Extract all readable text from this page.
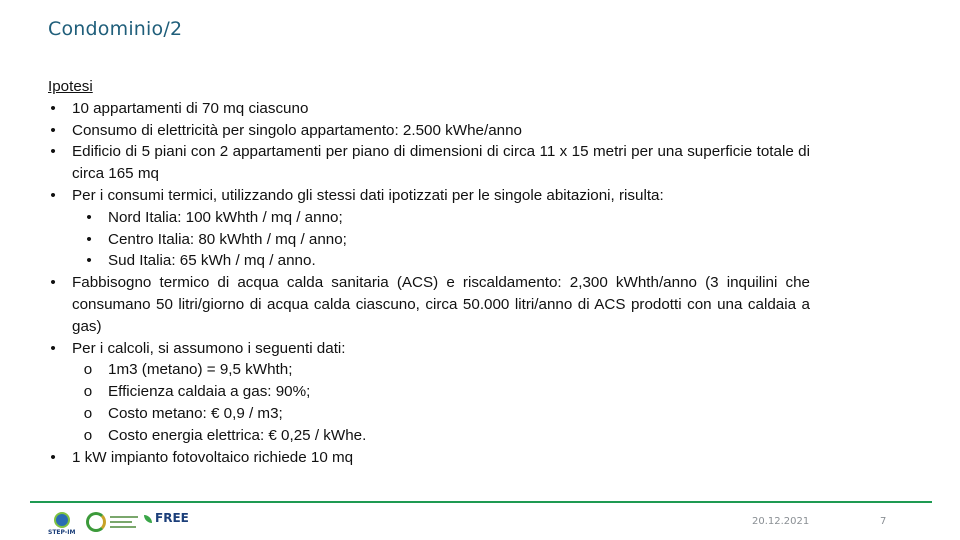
Condominio/2
Ipotesi
• 10 appartamenti di 70 mq ciascuno
• Consumo di elettricità per singolo appartamento: 2.500 kWhe/anno
• Edificio di 5 piani con 2 appartamenti per piano di dimensioni di circa 11 x 15 metri per una superficie totale di circa 165 mq
• Per i consumi termici, utilizzando gli stessi dati ipotizzati per le singole abitazioni, risulta:
• Nord Italia: 100 kWhth / mq / anno;
• Centro Italia: 80 kWhth / mq / anno;
• Sud Italia: 65 kWh / mq / anno.
• Fabbisogno termico di acqua calda sanitaria (ACS) e riscaldamento: 2,300 kWhth/anno (3 inquilini che consumano 50 litri/giorno di acqua calda ciascuno, circa 50.000 litri/anno di ACS prodotti con una caldaia a gas)
• Per i calcoli, si assumono i seguenti dati:
o 1m3 (metano) = 9,5 kWhth;
o Efficienza caldaia a gas: 90%;
o Costo metano: € 0,9 / m3;
o Costo energia elettrica: € 0,25 / kWhe.
• 1 kW impianto fotovoltaico richiede 10 mq
STEP-IM
FREE	20.12.2021	7
